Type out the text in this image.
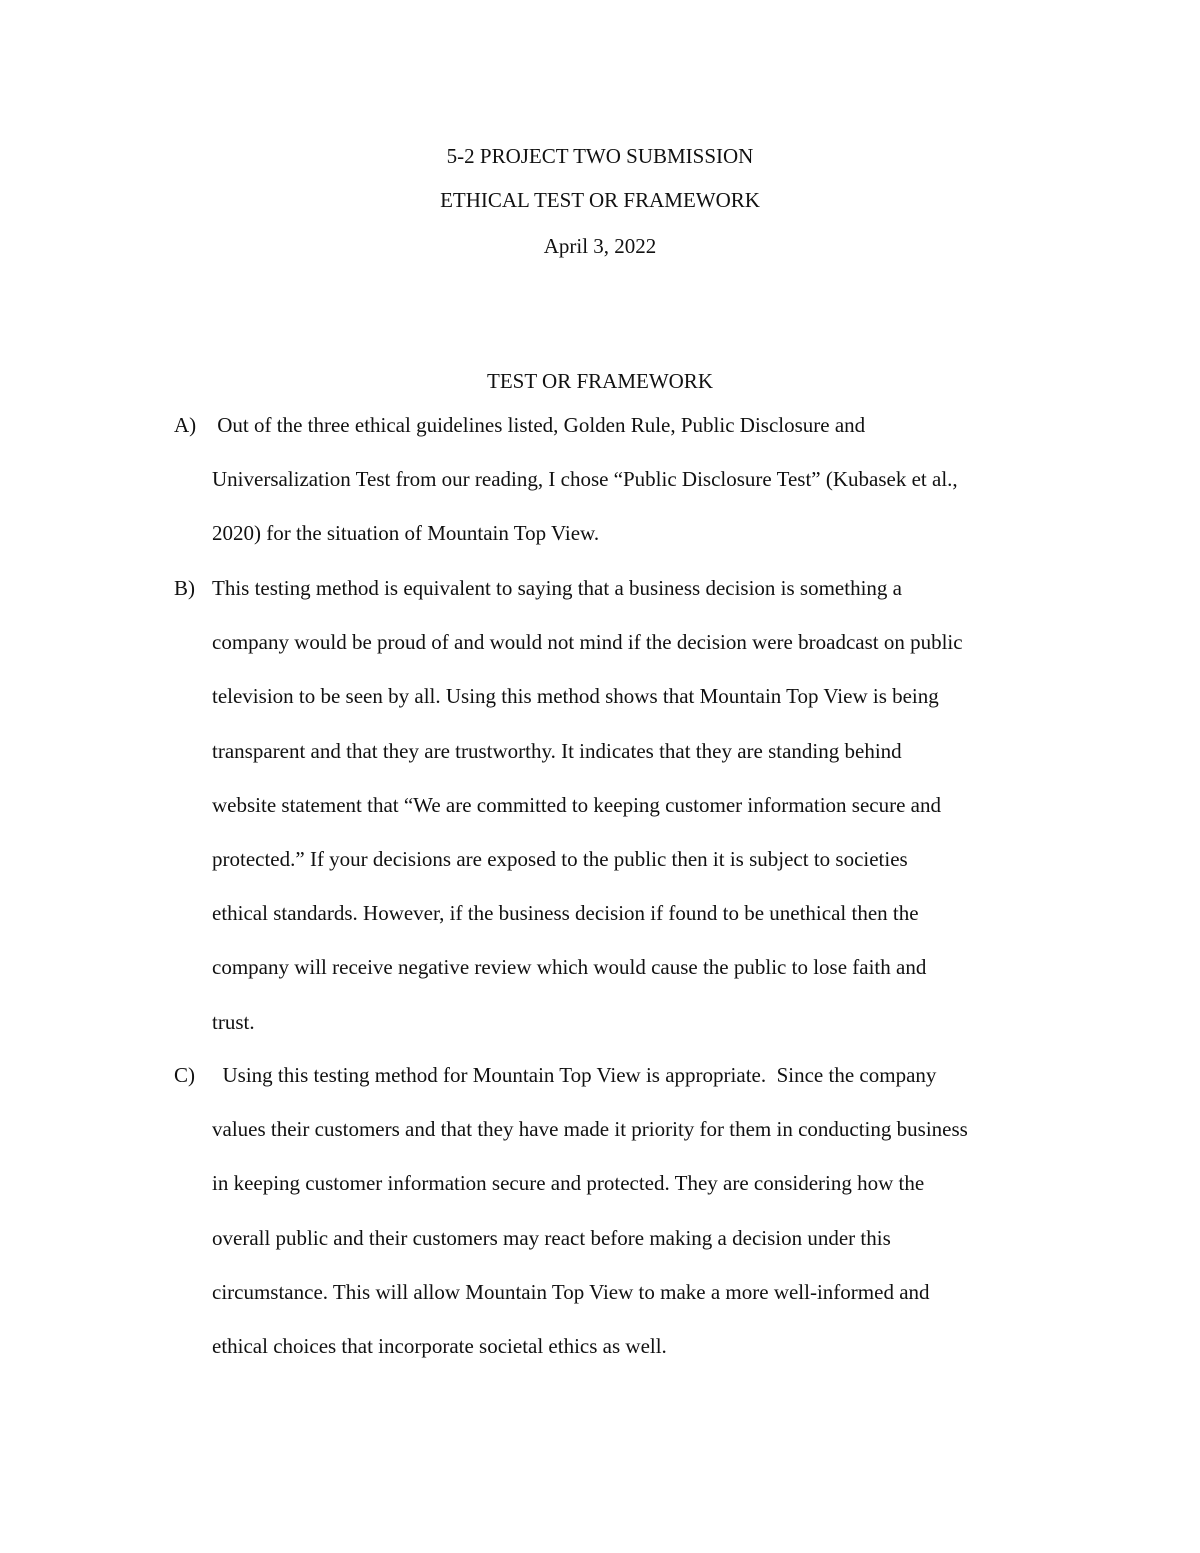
5-2 PROJECT TWO SUBMISSION
ETHICAL TEST OR FRAMEWORK
April 3, 2022
TEST OR FRAMEWORK
A) Out of the three ethical guidelines listed, Golden Rule, Public Disclosure and
Universalization Test from our reading, I chose “Public Disclosure Test” (Kubasek et al.,
2020) for the situation of Mountain Top View.
B) This testing method is equivalent to saying that a business decision is something a
company would be proud of and would not mind if the decision were broadcast on public
television to be seen by all. Using this method shows that Mountain Top View is being
transparent and that they are trustworthy. It indicates that they are standing behind
website statement that “We are committed to keeping customer information secure and
protected.” If your decisions are exposed to the public then it is subject to societies
ethical standards. However, if the business decision if found to be unethical then the
company will receive negative review which would cause the public to lose faith and
trust.
C) Using this testing method for Mountain Top View is appropriate.  Since the company
values their customers and that they have made it priority for them in conducting business
in keeping customer information secure and protected. They are considering how the
overall public and their customers may react before making a decision under this
circumstance. This will allow Mountain Top View to make a more well-informed and
ethical choices that incorporate societal ethics as well.
